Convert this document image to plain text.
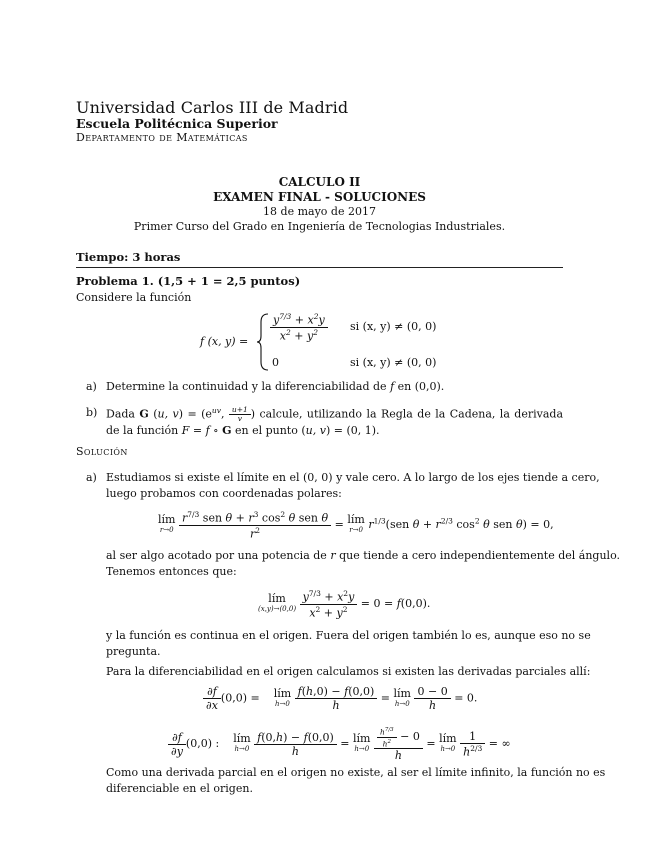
Universidad Carlos III de Madrid
Escuela Politécnica Superior
Departamento de Matemáticas
CALCULO II
EXAMEN FINAL - SOLUCIONES
18 de mayo de 2017
Primer Curso del Grado en Ingeniería de Tecnologias Industriales.
Tiempo: 3 horas
Problema 1. (1,5 + 1 = 2,5 puntos)
Considere la función
f (x, $y) = \frac{y^{7/3} + x^2y}{x^2 + y^2}$ si (x, y) ≠ (0, 0)
0	si (x, y) ≠ (0, 0)
a) Determine la continuidad y la diferenciabilidad de f en (0,0).
b) Dada G (u, $v) = (e^{uv}$, $\frac{u+1}{v}$ ) calcule, utilizando la Regla de la Cadena, la derivada de la función F = f ∘ G en el punto (u, v) = (0, 1).
Solución
a) Estudiamos si existe el límite en el (0, 0) y vale cero. A lo largo de los ejes tiende a cero,
luego probamos con coordenadas polares:
lím
r→0
$\frac{r^{7/3} sen \theta + r^3 \cos^2 \theta sen \theta}{r^2}$ = lím
r→0 $r^{1/3}(sen$ $\theta + r^{2/3}$ $\cos^2 \theta$ sen θ) = 0,
al ser algo acotado por una potencia de r que tiende a cero independientemente del ángulo.
Tenemos entonces que:
lím
(x,y)→(0,0)
$\frac{y^{7/3} + x^2y}{x^2 + y^2} = 0 = f(0,0)$.
y la función es continua en el origen. Fuera del origen también lo es, aunque eso no se
pregunta.
Para la diferenciabilidad en el origen calculamos si existen las derivadas parciales allí:
$\frac{\partial f}{\partial x} (0,0)$ =    lím
h→0
$\frac{f(h,0) - f(0,0)}{h}$ = lím
h→0
$\frac{0 - 0}{h} = 0$.
$\frac{\partial f}{\partial y} (0,0)$ :    lím
h→0
$\frac{f(0,h) - f(0,0)}{h}$ = lím
h→0
$\frac{\frac{h^{7/3}}{h^2} - 0}{h}$ = lím
h→0
$\frac{1}{h^{2/3}}$ = ∞
Como una derivada parcial en el origen no existe, al ser el límite infinito, la función no es
diferenciable en el origen.
